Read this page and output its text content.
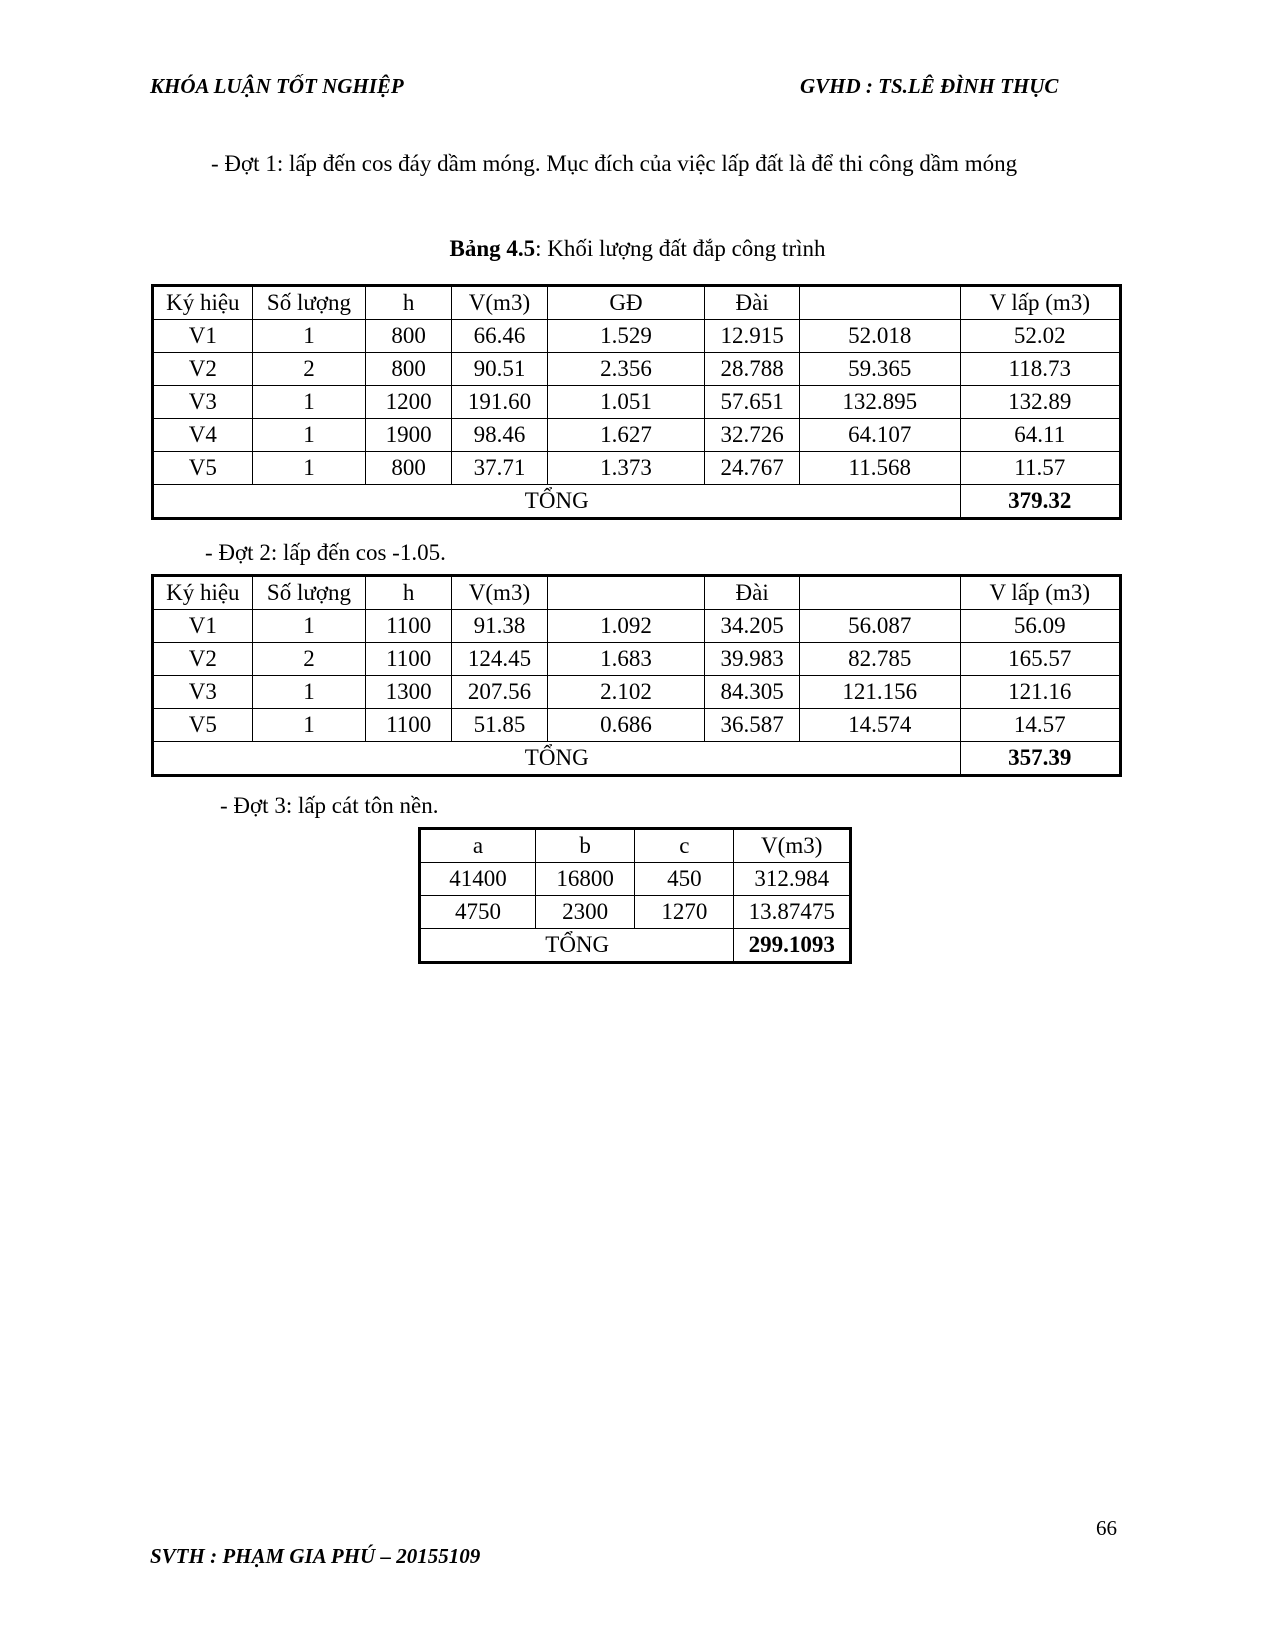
KHÓA LUẬN TỐT NGHIỆP	GVHD : TS.LÊ ĐÌNH THỤC
- Đợt 1: lấp đến cos đáy dầm móng. Mục đích của việc lấp đất là để thi công dầm móng
Bảng 4.5: Khối lượng đất đắp công trình
Ký hiệu	Số lượng	h	V(m3)	GĐ	Đài		V lấp (m3)
V1	1	800	66.46	1.529	12.915	52.018	52.02
V2	2	800	90.51	2.356	28.788	59.365	118.73
V3	1	1200	191.60	1.051	57.651	132.895	132.89
V4	1	1900	98.46	1.627	32.726	64.107	64.11
V5	1	800	37.71	1.373	24.767	11.568	11.57
TỔNG							379.32
- Đợt 2: lấp đến cos -1.05.
Ký hiệu	Số lượng	h	V(m3)		Đài		V lấp (m3)
V1	1	1100	91.38	1.092	34.205	56.087	56.09
V2	2	1100	124.45	1.683	39.983	82.785	165.57
V3	1	1300	207.56	2.102	84.305	121.156	121.16
V5	1	1100	51.85	0.686	36.587	14.574	14.57
TỔNG							357.39
- Đợt 3: lấp cát tôn nền.
a	b	c	V(m3)
41400	16800	450	312.984
4750	2300	1270	13.87475
TỔNG			299.1093
66
SVTH : PHẠM GIA PHÚ – 20155109
